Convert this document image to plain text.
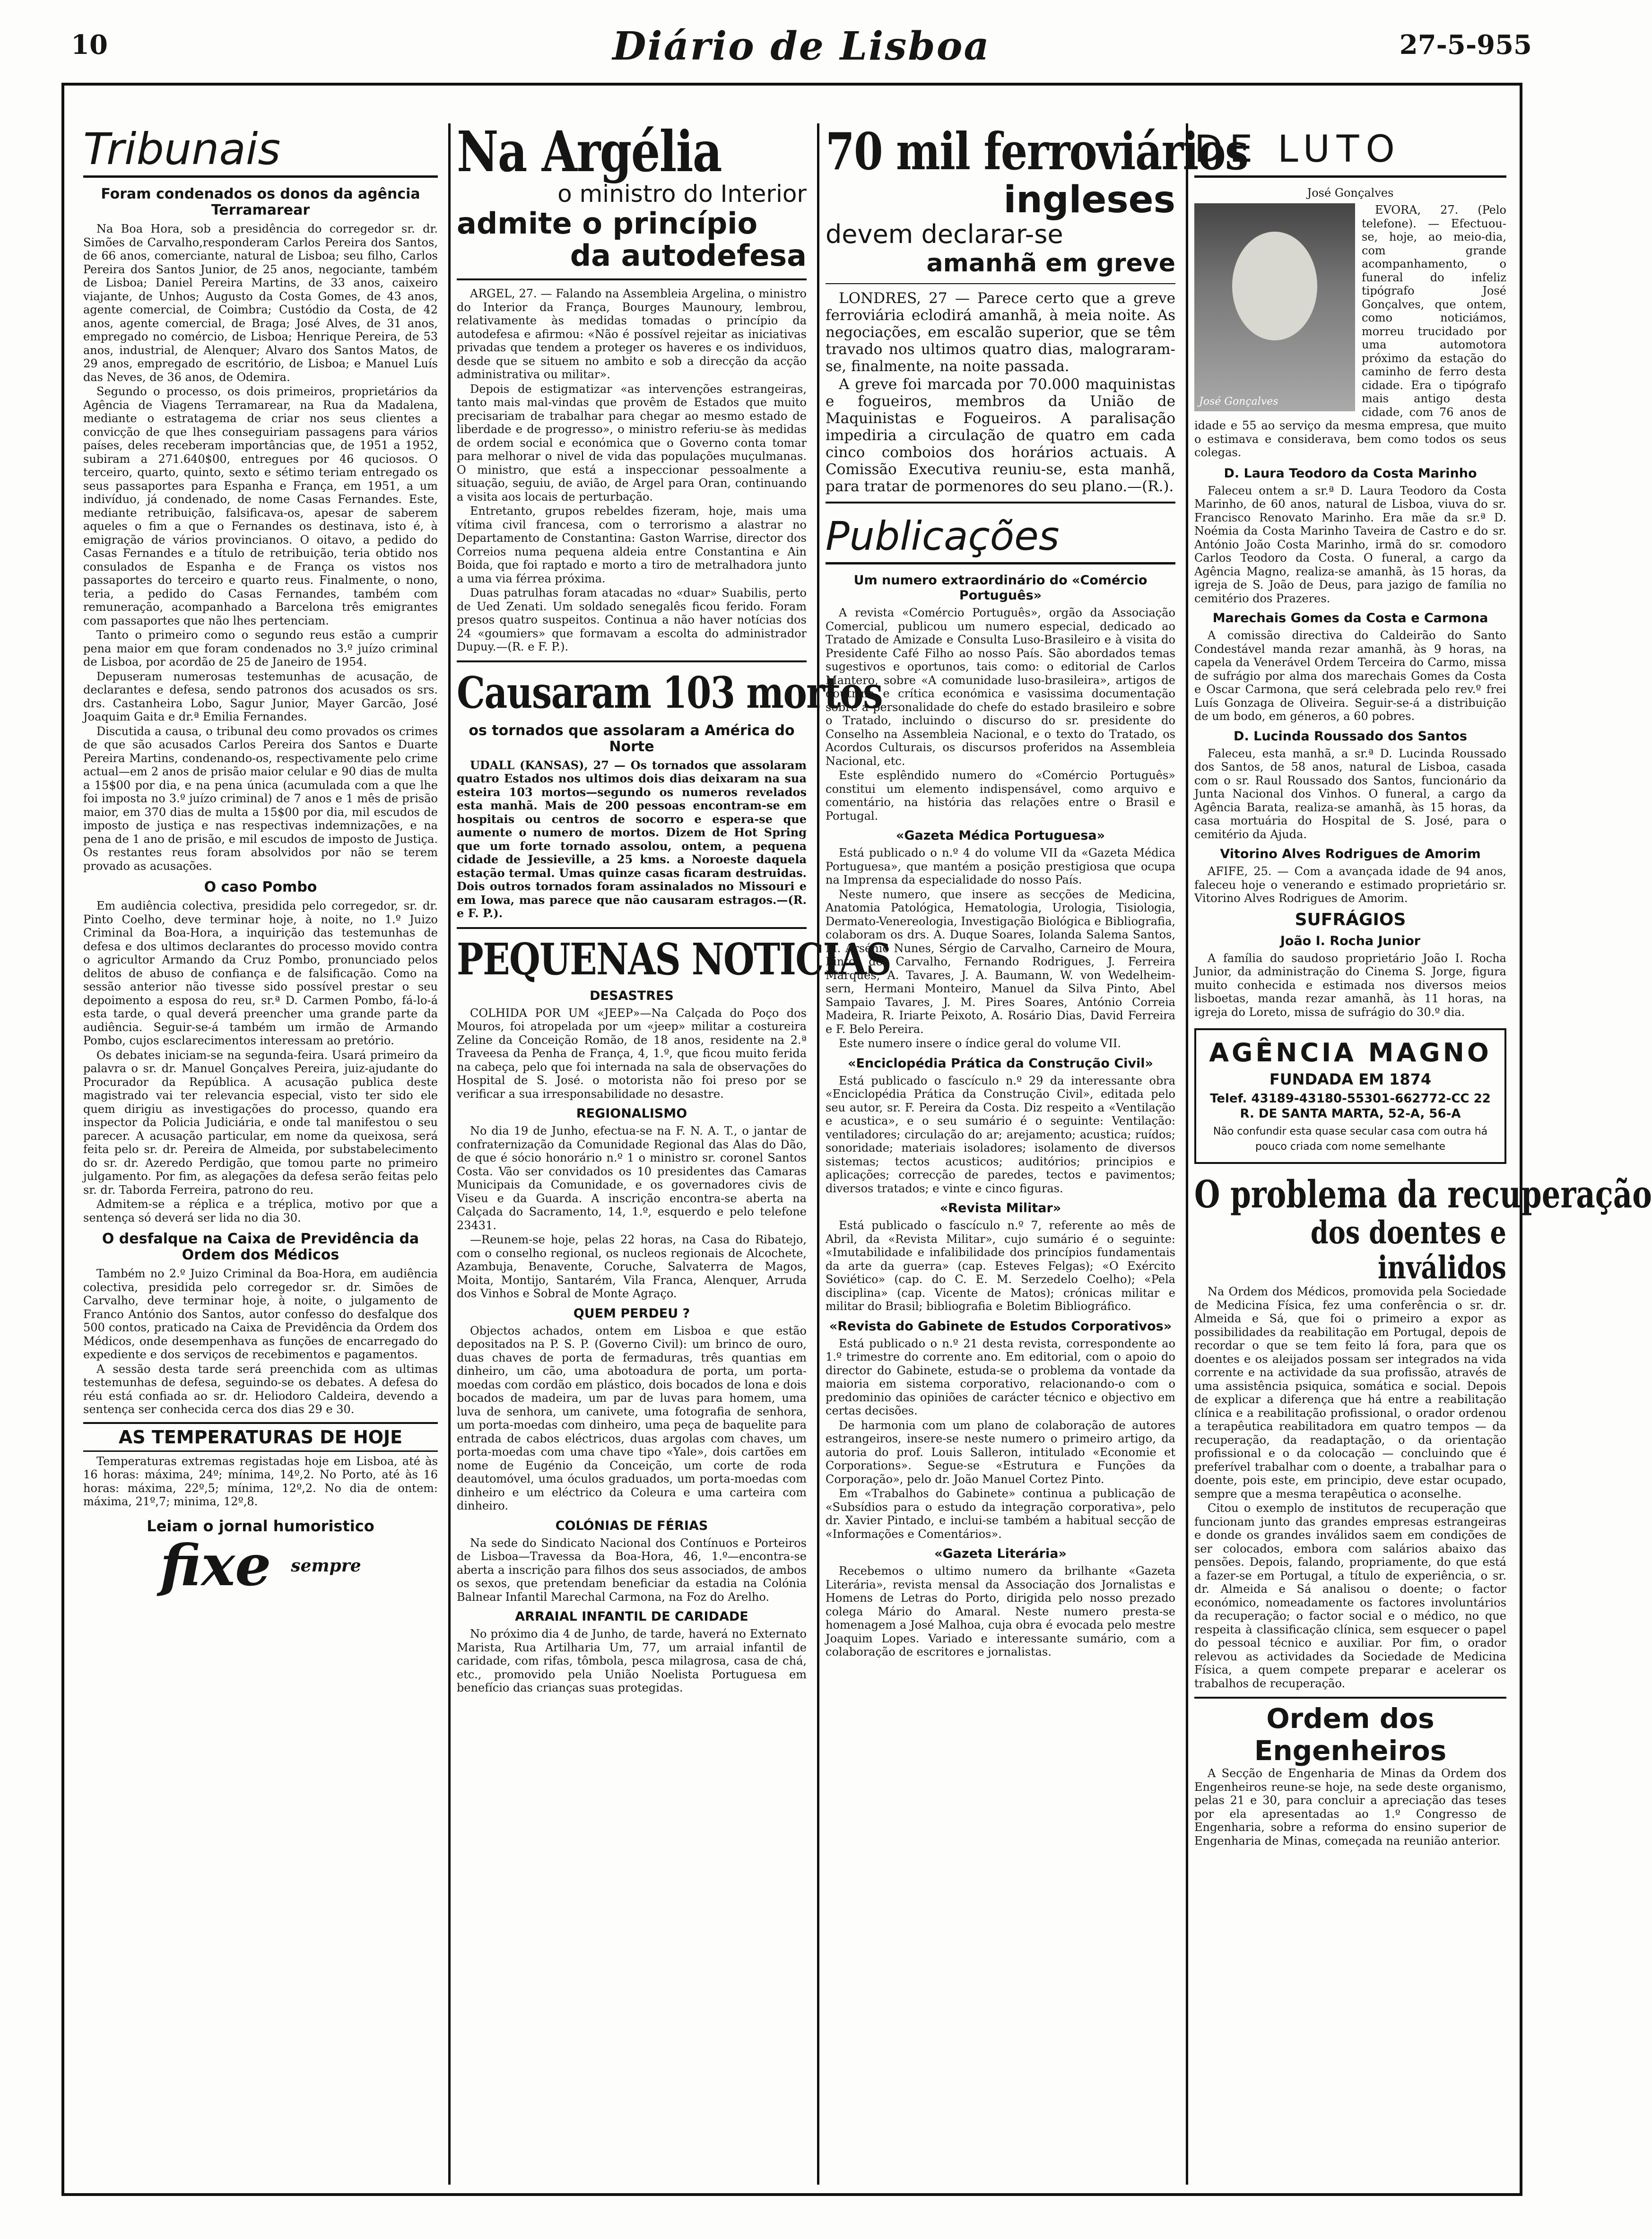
10	Diário de Lisboa	27-5-955
Tribunais
Foram condenados os donos da agência Terramarear

Na Boa Hora, sob a presidência do corregedor sr. dr. Simões de Carvalho,responderam Carlos Pereira dos Santos, de 66 anos, comerciante, natural de Lisboa; seu filho, Carlos Pereira dos Santos Junior, de 25 anos, negociante, também de Lisboa; Daniel Pereira Martins, de 33 anos, caixeiro viajante, de Unhos; Augusto da Costa Gomes, de 43 anos, agente comercial, de Coimbra; Custódio da Costa, de 42 anos, agente comercial, de Braga; José Alves, de 31 anos, empregado no comércio, de Lisboa; Henrique Pereira, de 53 anos, industrial, de Alenquer; Alvaro dos Santos Matos, de 29 anos, empregado de escritório, de Lisboa; e Manuel Luís das Neves, de 36 anos, de Odemira.

Segundo o processo, os dois primeiros, proprietários da Agência de Viagens Terramarear, na Rua da Madalena, mediante o estratagema de criar nos seus clientes a convicção de que lhes conseguiriam passagens para vários países, deles receberam importâncias que, de 1951 a 1952, subiram a 271.640$00, entregues por 46 quciosos. O terceiro, quarto, quinto, sexto e sétimo teriam entregado os seus passaportes para Espanha e França, em 1951, a um indivíduo, já condenado, de nome Casas Fernandes. Este, mediante retribuição, falsificava-os, apesar de saberem aqueles o fim a que o Fernandes os destinava, isto é, à emigração de vários provincianos. O oitavo, a pedido do Casas Fernandes e a título de retribuição, teria obtido nos consulados de Espanha e de França os vistos nos passaportes do terceiro e quarto reus. Finalmente, o nono, teria, a pedido do Casas Fernandes, também com remuneração, acompanhado a Barcelona três emigrantes com passaportes que não lhes pertenciam.

Tanto o primeiro como o segundo reus estão a cumprir pena maior em que foram condenados no 3.º juízo criminal de Lisboa, por acordão de 25 de Janeiro de 1954.

Depuseram numerosas testemunhas de acusação, de declarantes e defesa, sendo patronos dos acusados os srs. drs. Castanheira Lobo, Sagur Junior, Mayer Garcão, José Joaquim Gaita e dr.ª Emilia Fernandes.

Discutida a causa, o tribunal deu como provados os crimes de que são acusados Carlos Pereira dos Santos e Duarte Pereira Martins, condenando-os, respectivamente pelo crime actual—em 2 anos de prisão maior celular e 90 dias de multa a 15$00 por dia, e na pena única (acumulada com a que lhe foi imposta no 3.º juízo criminal) de 7 anos e 1 mês de prisão maior, em 370 dias de multa a 15$00 por dia, mil escudos de imposto de justiça e nas respectivas indemnizações, e na pena de 1 ano de prisão, e mil escudos de imposto de Justiça. Os restantes reus foram absolvidos por não se terem provado as acusações.

O caso Pombo

Em audiência colectiva, presidida pelo corregedor, sr. dr. Pinto Coelho, deve terminar hoje, à noite, no 1.º Juizo Criminal da Boa-Hora, a inquirição das testemunhas de defesa e dos ultimos declarantes do processo movido contra o agricultor Armando da Cruz Pombo, pronunciado pelos delitos de abuso de confiança e de falsificação. Como na sessão anterior não tivesse sido possível prestar o seu depoimento a esposa do reu, sr.ª D. Carmen Pombo, fá-lo-á esta tarde, o qual deverá preencher uma grande parte da audiência. Seguir-se-á também um irmão de Armando Pombo, cujos esclarecimentos interessam ao pretório.

Os debates iniciam-se na segunda-feira. Usará primeiro da palavra o sr. dr. Manuel Gonçalves Pereira, juiz-ajudante do Procurador da República. A acusação publica deste magistrado vai ter relevancia especial, visto ter sido ele quem dirigiu as investigações do processo, quando era inspector da Policia Judiciária, e onde tal manifestou o seu parecer. A acusação particular, em nome da queixosa, será feita pelo sr. dr. Pereira de Almeida, por substabelecimento do sr. dr. Azeredo Perdigão, que tomou parte no primeiro julgamento. Por fim, as alegações da defesa serão feitas pelo sr. dr. Taborda Ferreira, patrono do reu.

Admitem-se a réplica e a tréplica, motivo por que a sentença só deverá ser lida no dia 30.

O desfalque na Caixa de Previdência da Ordem dos Médicos

Também no 2.º Juizo Criminal da Boa-Hora, em audiência colectiva, presidida pelo corregedor sr. dr. Simões de Carvalho, deve terminar hoje, à noite, o julgamento de Franco António dos Santos, autor confesso do desfalque dos 500 contos, praticado na Caixa de Previdência da Ordem dos Médicos, onde desempenhava as funções de encarregado do expediente e dos serviços de recebimentos e pagamentos.

A sessão desta tarde será preenchida com as ultimas testemunhas de defesa, seguindo-se os debates. A defesa do réu está confiada ao sr. dr. Heliodoro Caldeira, devendo a sentença ser conhecida cerca dos dias 29 e 30.

AS TEMPERATURAS DE HOJE

Temperaturas extremas registadas hoje em Lisboa, até às 16 horas: máxima, 24º; mínima, 14º,2. No Porto, até às 16 horas: máxima, 22º,5; mínima, 12º,2. No dia de ontem: máxima, 21º,7; minima, 12º,8.

Leiam o jornal humoristico
fixe $^{sempre}$
Na Argélia
o ministro do Interior
admite o princípio
da autodefesa

ARGEL, 27. — Falando na Assembleia Argelina, o ministro do Interior da França, Bourges Maunoury, lembrou, relativamente às medidas tomadas o princípio da autodefesa e afirmou: «Não é possível rejeitar as iniciativas privadas que tendem a proteger os haveres e os individuos, desde que se situem no ambito e sob a direcção da acção administrativa ou militar».

Depois de estigmatizar «as intervenções estrangeiras, tanto mais mal-vindas que provêm de Estados que muito precisariam de trabalhar para chegar ao mesmo estado de liberdade e de progresso», o ministro referiu-se às medidas de ordem social e económica que o Governo conta tomar para melhorar o nivel de vida das populações muçulmanas. O ministro, que está a inspeccionar pessoalmente a situação, seguiu, de avião, de Argel para Oran, continuando a visita aos locais de perturbação.

Entretanto, grupos rebeldes fizeram, hoje, mais uma vítima civil francesa, com o terrorismo a alastrar no Departamento de Constantina: Gaston Warrise, director dos Correios numa pequena aldeia entre Constantina e Ain Boida, que foi raptado e morto a tiro de metralhadora junto a uma via férrea próxima.

Duas patrulhas foram atacadas no «duar» Suabilis, perto de Ued Zenati. Um soldado senegalês ficou ferido. Foram presos quatro suspeitos. Continua a não haver notícias dos 24 «goumiers» que formavam a escolta do administrador Dupuy.—(R. e F. P.).

Causaram 103 mortos
os tornados que assolaram a América do Norte

UDALL (KANSAS), 27 — Os tornados que assolaram quatro Estados nos ultimos dois dias deixaram na sua esteira 103 mortos—segundo os numeros revelados esta manhã. Mais de 200 pessoas encontram-se em hospitais ou centros de socorro e espera-se que aumente o numero de mortos. Dizem de Hot Spring que um forte tornado assolou, ontem, a pequena cidade de Jessieville, a 25 kms. a Noroeste daquela estação termal. Umas quinze casas ficaram destruidas. Dois outros tornados foram assinalados no Missouri e em Iowa, mas parece que não causaram estragos.—(R. e F. P.).

PEQUENAS NOTICIAS
DESASTRES

COLHIDA POR UM «JEEP»—Na Calçada do Poço dos Mouros, foi atropelada por um «jeep» militar a costureira Zeline da Conceição Romão, de 18 anos, residente na 2.ª Traveesa da Penha de França, 4, 1.º, que ficou muito ferida na cabeça, pelo que foi internada na sala de observações do Hospital de S. José. o motorista não foi preso por se verificar a sua irresponsabilidade no desastre.

REGIONALISMO

No dia 19 de Junho, efectua-se na F. N. A. T., o jantar de confraternização da Comunidade Regional das Alas do Dão, de que é sócio honorário n.º 1 o ministro sr. coronel Santos Costa. Vão ser convidados os 10 presidentes das Camaras Municipais da Comunidade, e os governadores civis de Viseu e da Guarda. A inscrição encontra-se aberta na Calçada do Sacramento, 14, 1.º, esquerdo e pelo telefone 23431.

—Reunem-se hoje, pelas 22 horas, na Casa do Ribatejo, com o conselho regional, os nucleos regionais de Alcochete, Azambuja, Benavente, Coruche, Salvaterra de Magos, Moita, Montijo, Santarém, Vila Franca, Alenquer, Arruda dos Vinhos e Sobral de Monte Agraço.

QUEM PERDEU ?

Objectos achados, ontem em Lisboa e que estão depositados na P. S. P. (Governo Civil): um brinco de ouro, duas chaves de porta de fermaduras, três quantias em dinheiro, um cão, uma abotoadura de porta, um porta-moedas com cordão em plástico, dois bocados de lona e dois bocados de madeira, um par de luvas para homem, uma luva de senhora, um canivete, uma fotografia de senhora, um porta-moedas com dinheiro, uma peça de baquelite para entrada de cabos eléctricos, duas argolas com chaves, um porta-moedas com uma chave tipo «Yale», dois cartões em nome de Eugénio da Conceição, um corte de roda deautomóvel, uma óculos graduados, um porta-moedas com dinheiro e um eléctrico da Coleura e uma carteira com dinheiro.

COLÓNIAS DE FÉRIAS

Na sede do Sindicato Nacional dos Contínuos e Porteiros de Lisboa—Travessa da Boa-Hora, 46, 1.º—encontra-se aberta a inscrição para filhos dos seus associados, de ambos os sexos, que pretendam beneficiar da estadia na Colónia Balnear Infantil Marechal Carmona, na Foz do Arelho.

ARRAIAL INFANTIL DE CARIDADE

No próximo dia 4 de Junho, de tarde, haverá no Externato Marista, Rua Artilharia Um, 77, um arraial infantil de caridade, com rifas, tômbola, pesca milagrosa, casa de chá, etc., promovido pela União Noelista Portuguesa em benefício das crianças suas protegidas.

70 mil ferroviários
ingleses
devem declarar-se
amanhã em greve

LONDRES, 27 — Parece certo que a greve ferroviária eclodirá amanhã, à meia noite. As negociações, em escalão superior, que se têm travado nos ultimos quatro dias, malograram-se, finalmente, na noite passada.

A greve foi marcada por 70.000 maquinistas e fogueiros, membros da União de Maquinistas e Fogueiros. A paralisação impediria a circulação de quatro em cada cinco comboios dos horários actuais. A Comissão Executiva reuniu-se, esta manhã, para tratar de pormenores do seu plano.—(R.).

Publicações
Um numero extraordinário do «Comércio Português»

A revista «Comércio Português», orgão da Associação Comercial, publicou um numero especial, dedicado ao Tratado de Amizade e Consulta Luso-Brasileiro e à visita do Presidente Café Filho ao nosso País. São abordados temas sugestivos e oportunos, tais como: o editorial de Carlos Mantero, sobre «A comunidade luso-brasileira», artigos de doutrina e crítica económica e vasissima documentação sobre a personalidade do chefe do estado brasileiro e sobre o Tratado, incluindo o discurso do sr. presidente do Conselho na Assembleia Nacional, e o texto do Tratado, os Acordos Culturais, os discursos proferidos na Assembleia Nacional, etc.

Este esplêndido numero do «Comércio Português» constitui um elemento indispensável, como arquivo e comentário, na história das relações entre o Brasil e Portugal.

«Gazeta Médica Portuguesa»

Está publicado o n.º 4 do volume VII da «Gazeta Médica Portuguesa», que mantém a posição prestigiosa que ocupa na Imprensa da especialidade do nosso País.

Neste numero, que insere as secções de Medicina, Anatomia Patológica, Hematologia, Urologia, Tisiologia, Dermato-Venereologia, Investigação Biológica e Bibliografia, colaboram os drs. A. Duque Soares, Iolanda Salema Santos, M. Arsénio Nunes, Sérgio de Carvalho, Carneiro de Moura, Pinto de Carvalho, Fernando Rodrigues, J. Ferreira Marques, A. Tavares, J. A. Baumann, W. von Wedelheim-sern, Hermani Monteiro, Manuel da Silva Pinto, Abel Sampaio Tavares, J. M. Pires Soares, António Correia Madeira, R. Iriarte Peixoto, A. Rosário Dias, David Ferreira e F. Belo Pereira.

Este numero insere o índice geral do volume VII.

«Enciclopédia Prática da Construção Civil»

Está publicado o fascículo n.º 29 da interessante obra «Enciclopédia Prática da Construção Civil», editada pelo seu autor, sr. F. Pereira da Costa. Diz respeito a «Ventilação e acustica», e o seu sumário é o seguinte: Ventilação: ventiladores; circulação do ar; arejamento; acustica; ruídos; sonoridade; materiais isoladores; isolamento de diversos sistemas; tectos acusticos; auditórios; principios e aplicações; correcção de paredes, tectos e pavimentos; diversos tratados; e vinte e cinco figuras.

«Revista Militar»

Está publicado o fascículo n.º 7, referente ao mês de Abril, da «Revista Militar», cujo sumário é o seguinte: «Imutabilidade e infalibilidade dos princípios fundamentais da arte da guerra» (cap. Esteves Felgas); «O Exército Soviético» (cap. do C. E. M. Serzedelo Coelho); «Pela disciplina» (cap. Vicente de Matos); crónicas militar e militar do Brasil; bibliografia e Boletim Bibliográfico.

«Revista do Gabinete de Estudos Corporativos»

Está publicado o n.º 21 desta revista, correspondente ao 1.º trimestre do corrente ano. Em editorial, com o apoio do director do Gabinete, estuda-se o problema da vontade da maioria em sistema corporativo, relacionando-o com o predominio das opiniões de carácter técnico e objectivo em certas decisões.

De harmonia com um plano de colaboração de autores estrangeiros, insere-se neste numero o primeiro artigo, da autoria do prof. Louis Salleron, intitulado «Economie et Corporations». Segue-se «Estrutura e Funções da Corporação», pelo dr. João Manuel Cortez Pinto.

Em «Trabalhos do Gabinete» continua a publicação de «Subsídios para o estudo da integração corporativa», pelo dr. Xavier Pintado, e inclui-se também a habitual secção de «Informações e Comentários».

«Gazeta Literária»

Recebemos o ultimo numero da brilhante «Gazeta Literária», revista mensal da Associação dos Jornalistas e Homens de Letras do Porto, dirigida pelo nosso prezado colega Mário do Amaral. Neste numero presta-se homenagem a José Malhoa, cuja obra é evocada pelo mestre Joaquim Lopes. Variado e interessante sumário, com a colaboração de escritores e jornalistas.

DE LUTO
José Gonçalves
José Gonçalves

EVORA, 27. (Pelo telefone). — Efectuou-se, hoje, ao meio-dia, com grande acompanhamento, o funeral do infeliz tipógrafo José Gonçalves, que ontem, como noticiámos, morreu trucidado por uma automotora próximo da estação do caminho de ferro desta cidade. Era o tipógrafo mais antigo desta cidade, com 76 anos de idade e 55 ao serviço da mesma empresa, que muito o estimava e considerava, bem como todos os seus colegas.

D. Laura Teodoro da Costa Marinho

Faleceu ontem a sr.ª D. Laura Teodoro da Costa Marinho, de 60 anos, natural de Lisboa, viuva do sr. Francisco Renovato Marinho. Era mãe da sr.ª D. Noémia da Costa Marinho Taveira de Castro e do sr. António João Costa Marinho, irmã do sr. comodoro Carlos Teodoro da Costa. O funeral, a cargo da Agência Magno, realiza-se amanhã, às 15 horas, da igreja de S. João de Deus, para jazigo de família no cemitério dos Prazeres.

Marechais Gomes da Costa e Carmona

A comissão directiva do Caldeirão do Santo Condestável manda rezar amanhã, às 9 horas, na capela da Venerável Ordem Terceira do Carmo, missa de sufrágio por alma dos marechais Gomes da Costa e Oscar Carmona, que será celebrada pelo rev.º frei Luís Gonzaga de Oliveira. Seguir-se-á a distribuição de um bodo, em géneros, a 60 pobres.

D. Lucinda Roussado dos Santos

Faleceu, esta manhã, a sr.ª D. Lucinda Roussado dos Santos, de 58 anos, natural de Lisboa, casada com o sr. Raul Roussado dos Santos, funcionário da Junta Nacional dos Vinhos. O funeral, a cargo da Agência Barata, realiza-se amanhã, às 15 horas, da casa mortuária do Hospital de S. José, para o cemitério da Ajuda.

Vitorino Alves Rodrigues de Amorim

AFIFE, 25. — Com a avançada idade de 94 anos, faleceu hoje o venerando e estimado proprietário sr. Vitorino Alves Rodrigues de Amorim.

SUFRÁGIOS
João I. Rocha Junior

A família do saudoso proprietário João I. Rocha Junior, da administração do Cinema S. Jorge, figura muito conhecida e estimada nos diversos meios lisboetas, manda rezar amanhã, às 11 horas, na igreja do Loreto, missa de sufrágio do 30.º dia.

AGÊNCIA MAGNO
FUNDADA EM 1874
Telef. 43189-43180-55301-662772-CC 22
R. DE SANTA MARTA, 52-A, 56-A
Não confundir esta quase secular casa com outra há pouco criada com nome semelhante
O problema da recuperação
dos doentes e inválidos

Na Ordem dos Médicos, promovida pela Sociedade de Medicina Física, fez uma conferência o sr. dr. Almeida e Sá, que foi o primeiro a expor as possibilidades da reabilitação em Portugal, depois de recordar o que se tem feito lá fora, para que os doentes e os aleijados possam ser integrados na vida corrente e na actividade da sua profissão, através de uma assistência psiquica, somática e social. Depois de explicar a diferença que há entre a reabilitação clínica e a reabilitação profissional, o orador ordenou a terapêutica reabilitadora em quatro tempos — da recuperação, da readaptação, o da orientação profissional e o da colocação — concluindo que é preferível trabalhar com o doente, a trabalhar para o doente, pois este, em principio, deve estar ocupado, sempre que a mesma terapêutica o aconselhe.

Citou o exemplo de institutos de recuperação que funcionam junto das grandes empresas estrangeiras e donde os grandes inválidos saem em condições de ser colocados, embora com salários abaixo das pensões. Depois, falando, propriamente, do que está a fazer-se em Portugal, a título de experiência, o sr. dr. Almeida e Sá analisou o doente; o factor económico, nomeadamente os factores involuntários da recuperação; o factor social e o médico, no que respeita à classificação clínica, sem esquecer o papel do pessoal técnico e auxiliar. Por fim, o orador relevou as actividades da Sociedade de Medicina Física, a quem compete preparar e acelerar os trabalhos de recuperação.

Ordem dos Engenheiros

A Secção de Engenharia de Minas da Ordem dos Engenheiros reune-se hoje, na sede deste organismo, pelas 21 e 30, para concluir a apreciação das teses por ela apresentadas ao 1.º Congresso de Engenharia, sobre a reforma do ensino superior de Engenharia de Minas, começada na reunião anterior.
